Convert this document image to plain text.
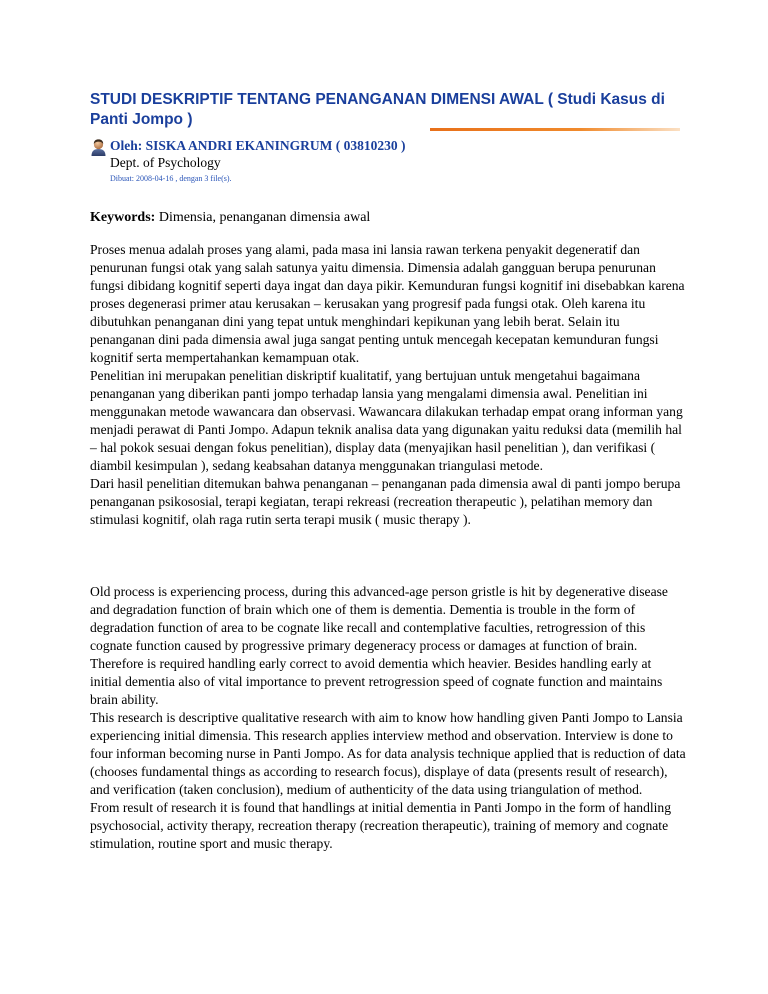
STUDI DESKRIPTIF TENTANG PENANGANAN DIMENSI AWAL ( Studi Kasus di Panti Jompo )
Oleh: SISKA ANDRI EKANINGRUM ( 03810230 )
Dept. of Psychology
Dibuat: 2008-04-16 , dengan 3 file(s).
Keywords: Dimensia, penanganan dimensia awal

Proses menua adalah proses yang alami, pada masa ini lansia rawan terkena penyakit degeneratif dan penurunan fungsi otak yang salah satunya yaitu dimensia. Dimensia adalah gangguan berupa penurunan fungsi dibidang kognitif seperti daya ingat dan daya pikir. Kemunduran fungsi kognitif ini disebabkan karena proses degenerasi primer atau kerusakan – kerusakan yang progresif pada fungsi otak. Oleh karena itu dibutuhkan penanganan dini yang tepat untuk menghindari kepikunan yang lebih berat. Selain itu penanganan dini pada dimensia awal juga sangat penting untuk mencegah kecepatan kemunduran fungsi kognitif serta mempertahankan kemampuan otak.

Penelitian ini merupakan penelitian diskriptif kualitatif, yang bertujuan untuk mengetahui bagaimana penanganan yang diberikan panti jompo terhadap lansia yang mengalami dimensia awal. Penelitian ini menggunakan metode wawancara dan observasi. Wawancara dilakukan terhadap empat orang informan yang menjadi perawat di Panti Jompo. Adapun teknik analisa data yang digunakan yaitu reduksi data (memilih hal – hal pokok sesuai dengan fokus penelitian), display data (menyajikan hasil penelitian ), dan verifikasi ( diambil kesimpulan ), sedang keabsahan datanya menggunakan triangulasi metode.

Dari hasil penelitian ditemukan bahwa penanganan – penanganan pada dimensia awal di panti jompo berupa penanganan psikososial, terapi kegiatan, terapi rekreasi (recreation therapeutic ), pelatihan memory dan stimulasi kognitif, olah raga rutin serta terapi musik ( music therapy ).

Old process is experiencing process, during this advanced-age person gristle is hit by degenerative disease and degradation function of brain which one of them is dementia. Dementia is trouble in the form of degradation function of area to be cognate like recall and contemplative faculties, retrogression of this cognate function caused by progressive primary degeneracy process or damages at function of brain. Therefore is required handling early correct to avoid dementia which heavier. Besides handling early at initial dementia also of vital importance to prevent retrogression speed of cognate function and maintains brain ability.

This research is descriptive qualitative research with aim to know how handling given Panti Jompo to Lansia experiencing initial dimensia. This research applies interview method and observation. Interview is done to four informan becoming nurse in Panti Jompo. As for data analysis technique applied that is reduction of data (chooses fundamental things as according to research focus), displaye of data (presents result of research), and verification (taken conclusion), medium of authenticity of the data using triangulation of method.

From result of research it is found that handlings at initial dementia in Panti Jompo in the form of handling psychosocial, activity therapy, recreation therapy (recreation therapeutic), training of memory and cognate stimulation, routine sport and music therapy.
